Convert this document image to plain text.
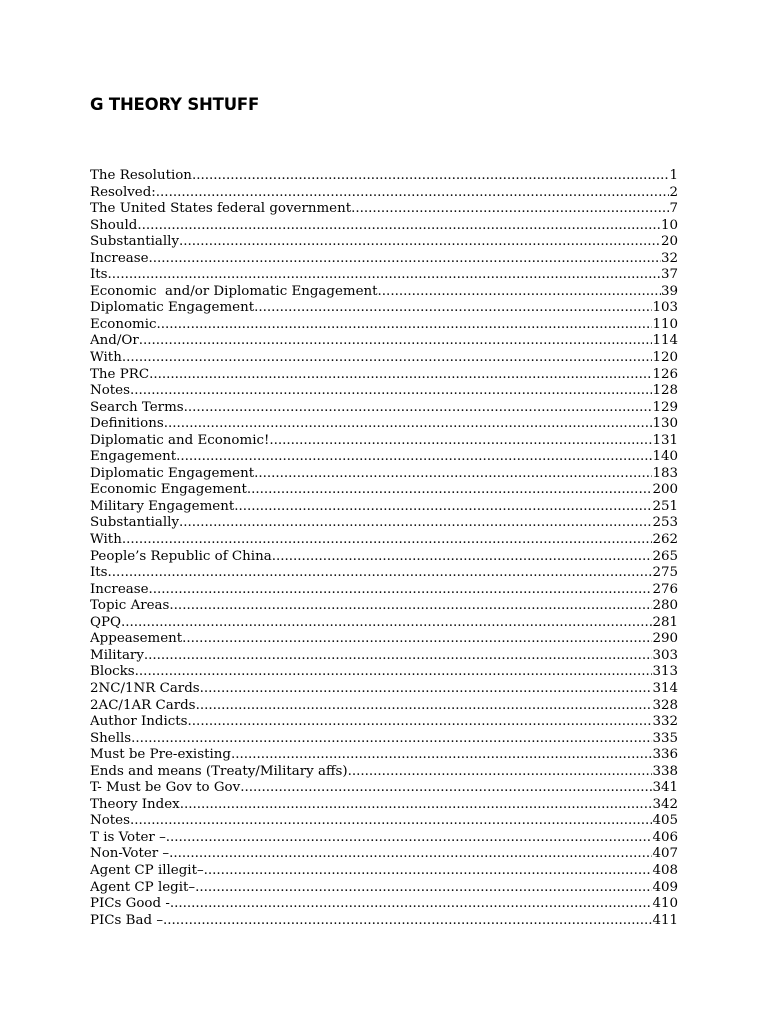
G THEORY SHTUFF
The Resolution .....	1
Resolved: .....	2
The United States federal government .....	7
Should .....	10
Substantially .....	20
Increase .....	32
Its .....	37
Economic  and/or Diplomatic Engagement .....	39
Diplomatic Engagement .....	103
Economic .....	110
And/Or .....	114
With .....	120
The PRC .....	126
Notes .....	128
Search Terms .....	129
Definitions .....	130
Diplomatic and Economic! .....	131
Engagement .....	140
Diplomatic Engagement .....	183
Economic Engagement .....	200
Military Engagement .....	251
Substantially .....	253
With .....	262
People’s Republic of China .....	265
Its .....	275
Increase .....	276
Topic Areas .....	280
QPQ .....	281
Appeasement .....	290
Military .....	303
Blocks .....	313
2NC/1NR Cards .....	314
2AC/1AR Cards .....	328
Author Indicts .....	332
Shells .....	335
Must be Pre-existing .....	336
Ends and means (Treaty/Military affs) .....	338
T- Must be Gov to Gov .....	341
Theory Index .....	342
Notes .....	405
T is Voter – .....	406
Non-Voter – .....	407
Agent CP illegit– .....	408
Agent CP legit– .....	409
PICs Good - .....	410
PICs Bad – .....	411
